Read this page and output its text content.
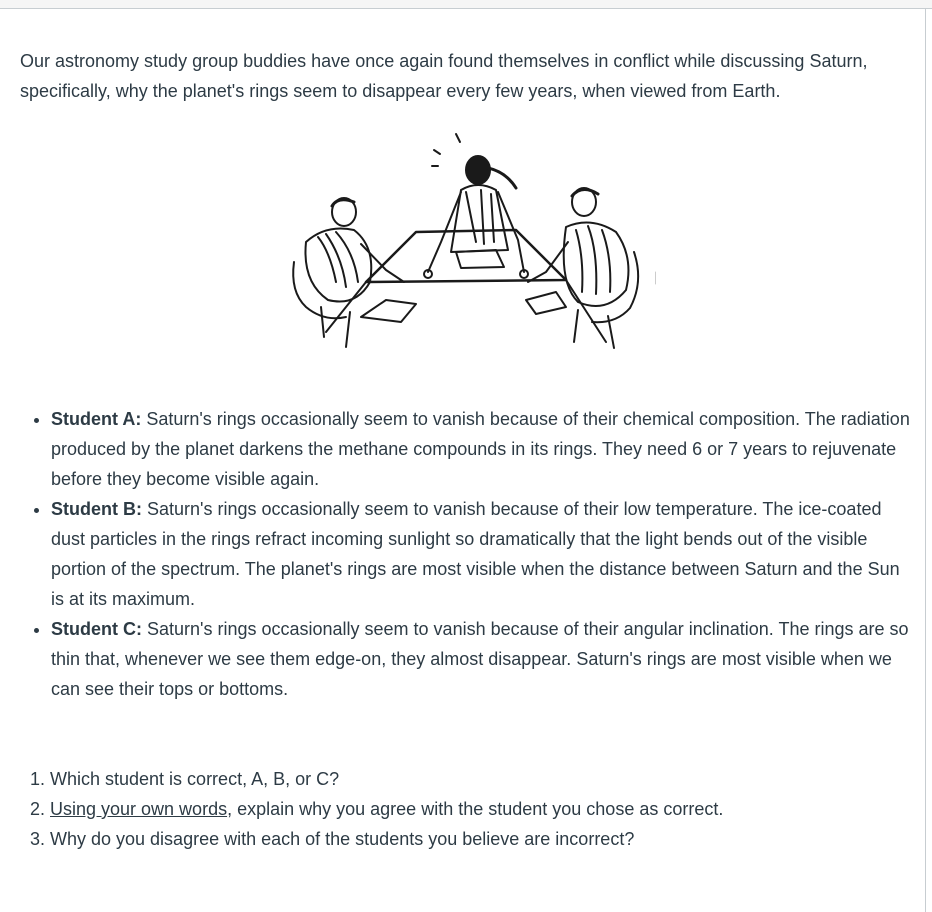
Our astronomy study group buddies have once again found themselves in conflict while discussing Saturn, specifically, why the planet's rings seem to disappear every few years, when viewed from Earth.

• Student A: Saturn's rings occasionally seem to vanish because of their chemical composition. The radiation produced by the planet darkens the methane compounds in its rings. They need 6 or 7 years to rejuvenate before they become visible again.
• Student B: Saturn's rings occasionally seem to vanish because of their low temperature. The ice-coated dust particles in the rings refract incoming sunlight so dramatically that the light bends out of the visible portion of the spectrum. The planet's rings are most visible when the distance between Saturn and the Sun is at its maximum.
• Student C: Saturn's rings occasionally seem to vanish because of their angular inclination. The rings are so thin that, whenever we see them edge-on, they almost disappear. Saturn's rings are most visible when we can see their tops or bottoms.
1. Which student is correct, A, B, or C?
2. Using your own words, explain why you agree with the student you chose as correct.
3. Why do you disagree with each of the students you believe are incorrect?
